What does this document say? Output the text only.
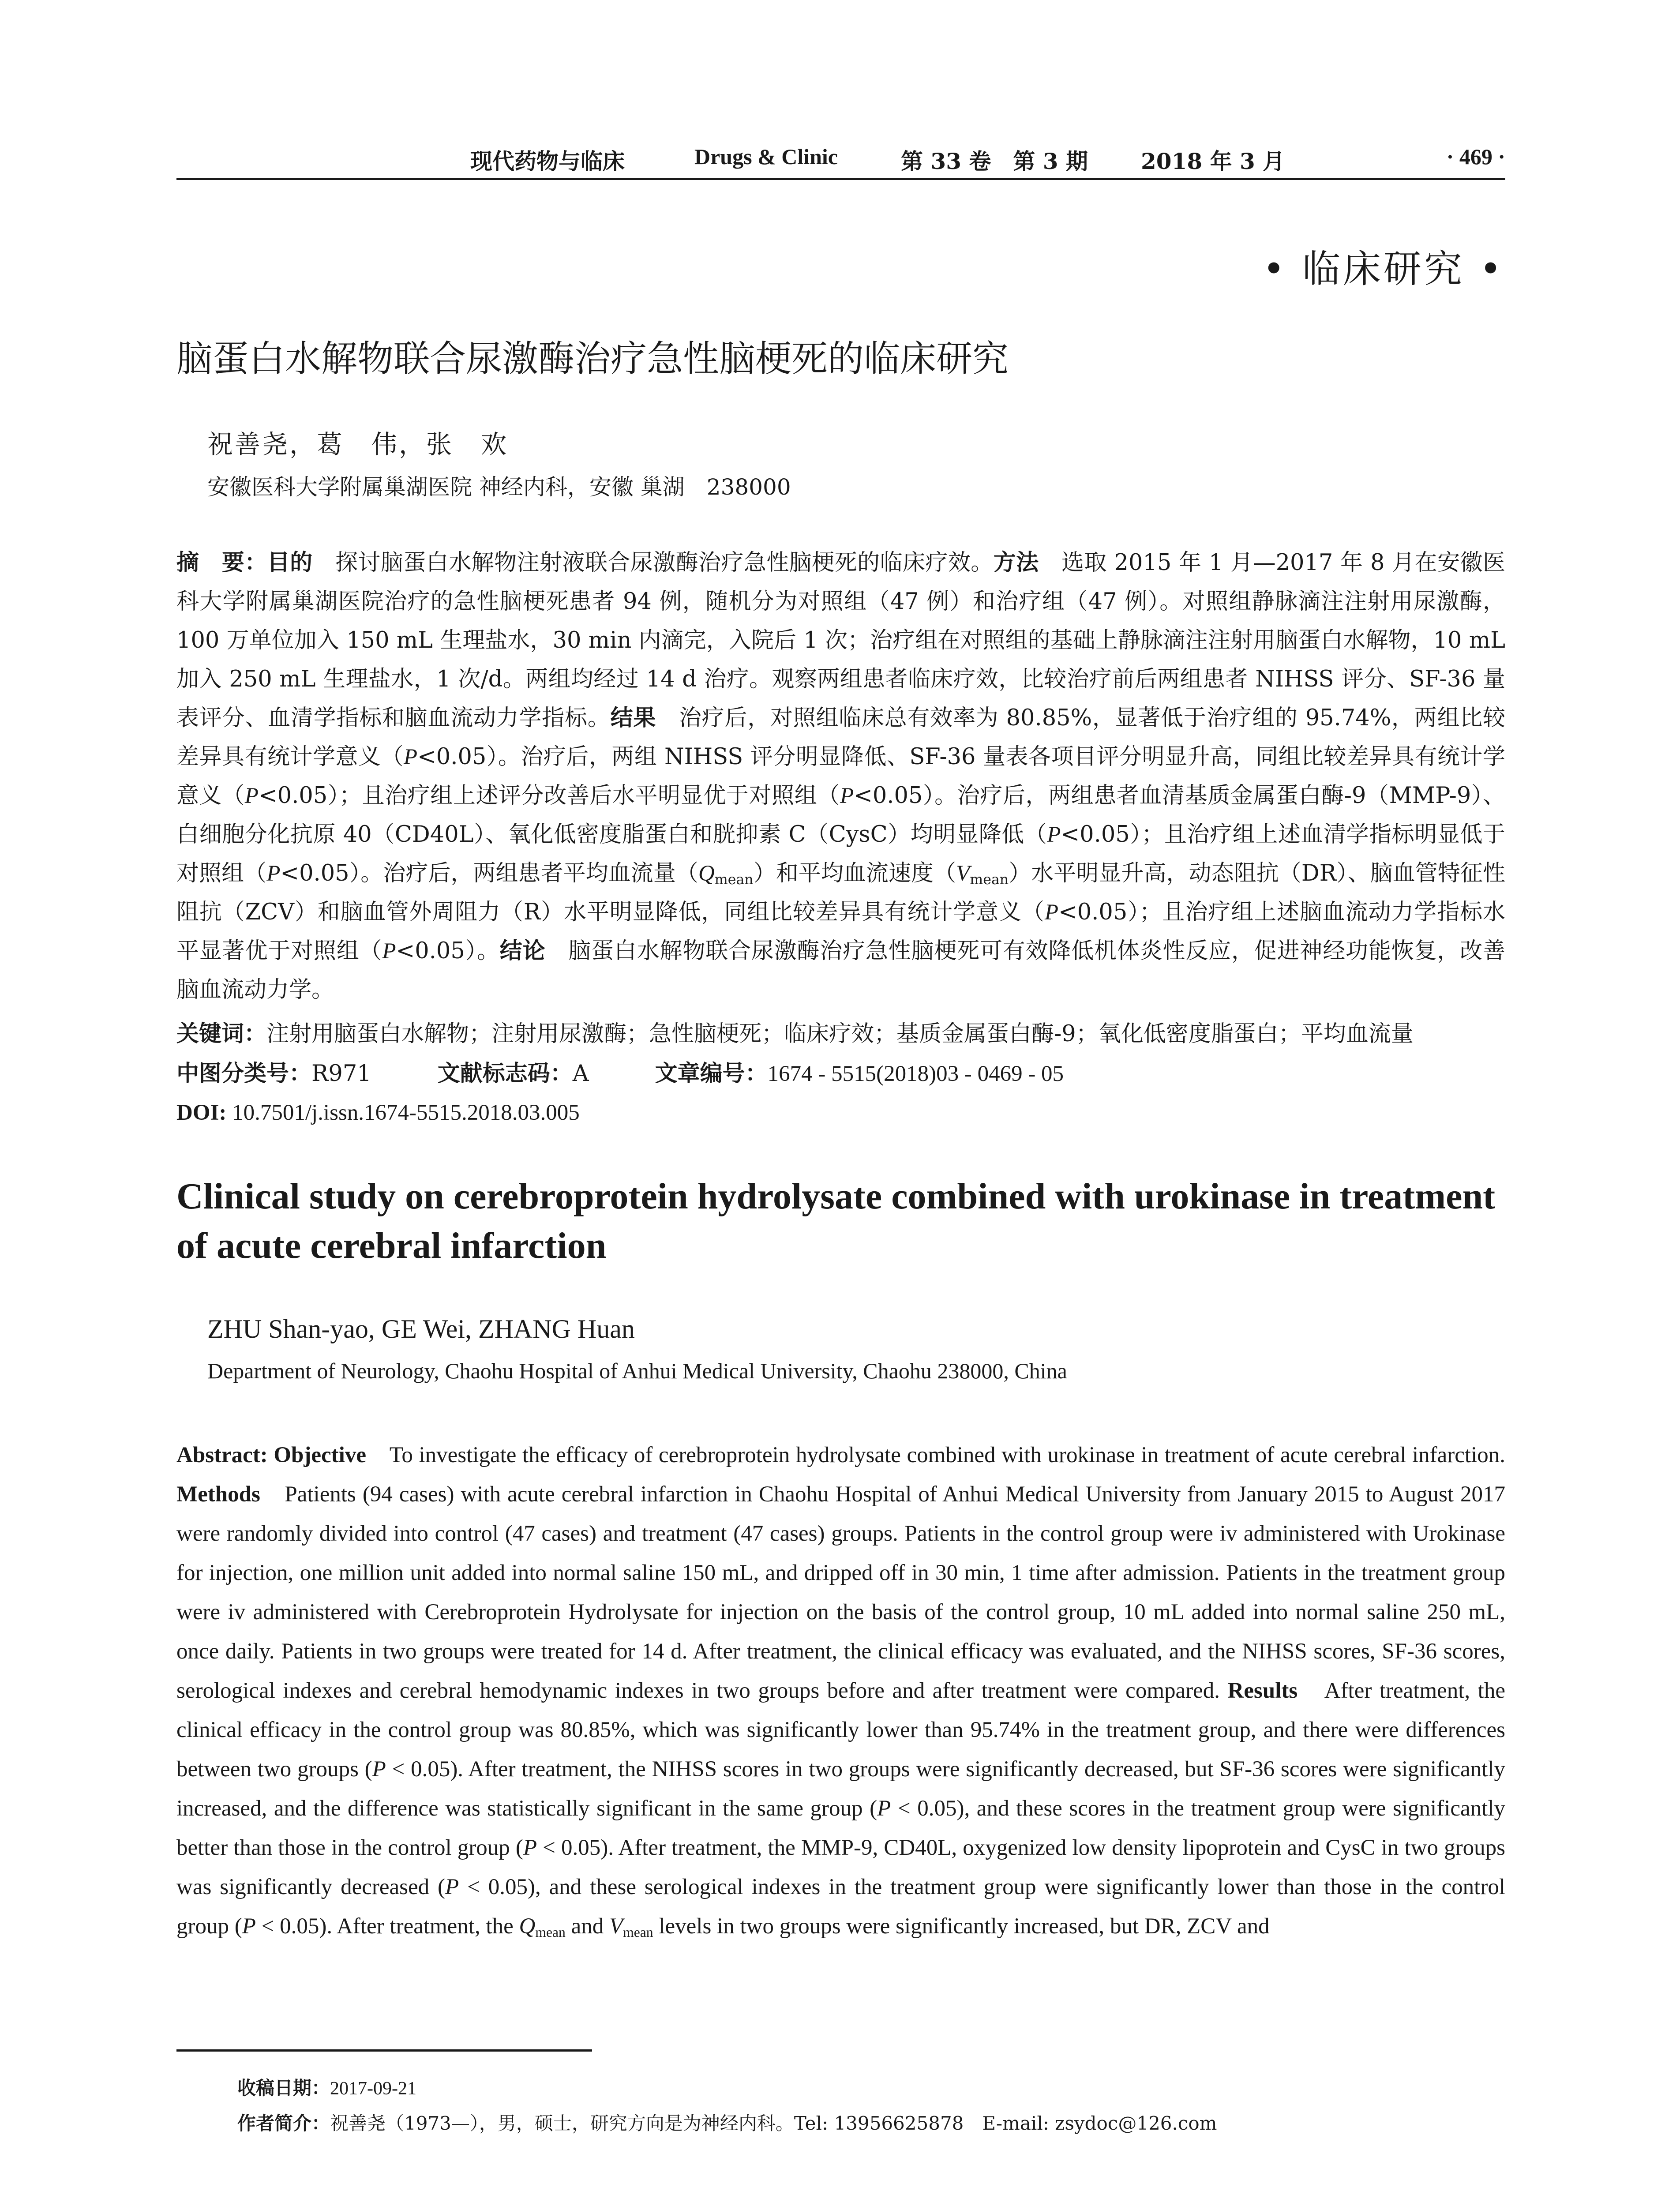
现代药物与临床	Drugs & Clinic	第 33 卷　第 3 期 2018 年 3 月	· 469 ·
• 临床研究 •
脑蛋白水解物联合尿激酶治疗急性脑梗死的临床研究
祝善尧，葛　伟，张　欢
安徽医科大学附属巢湖医院 神经内科，安徽 巢湖　238000

摘　要：目的　 探讨脑蛋白水解物注射液联合尿激酶治疗急性脑梗死的临床疗效。方法　 选取 2015 年 1 月—2017 年 8 月在安徽医科大学附属巢湖医院治疗的急性脑梗死患者 94 例，随机分为对照组（47 例）和治疗组（47 例）。对照组静脉滴注注射用尿激酶，100 万单位加入 150 mL 生理盐水，30 min 内滴完，入院后 1 次；治疗组在对照组的基础上静脉滴注注射用脑蛋白水解物，10 mL 加入 250 mL 生理盐水，1 次/d。两组均经过 14 d 治疗。观察两组患者临床疗效，比较治疗前后两组患者 NIHSS 评分、SF-36 量表评分、血清学指标和脑血流动力学指标。结果　 治疗后，对照组临床总有效率为 80.85%，显著低于治疗组的 95.74%，两组比较差异具有统计学意义（P<0.05）。治疗后，两组 NIHSS 评分明显降低、SF-36 量表各项目评分明显升高，同组比较差异具有统计学意义（P<0.05）；且治疗组上述评分改善后水平明显优于对照组（P<0.05）。治疗后，两组患者血清基质金属蛋白酶-9（MMP-9）、白细胞分化抗原 40（CD40L）、氧化低密度脂蛋白和胱抑素 C（CysC）均明显降低（P<0.05）；且治疗组上述血清学指标明显低于对照组（P<0.05）。治疗后，两组患者平均血流量$(Q_{mean})$和平均血流速度$(V_{mean})$水平明显升高，动态阻抗（DR）、脑血管特征性阻抗（ZCV）和脑血管外周阻力（R）水平明显降低，同组比较差异具有统计学意义（P<0.05）；且治疗组上述脑血流动力学指标水平显著优于对照组（P<0.05）。结论　 脑蛋白水解物联合尿激酶治疗急性脑梗死可有效降低机体炎性反应，促进神经功能恢复，改善脑血流动力学。

关键词：注射用脑蛋白水解物；注射用尿激酶；急性脑梗死；临床疗效；基质金属蛋白酶-9；氧化低密度脂蛋白；平均血流量

中图分类号：R971	文献标志码：A	文章编号：1674 - 5515(2018)03 - 0469 - 05
DOI: 10.7501/j.issn.1674-5515.2018.03.005
Clinical study on cerebroprotein hydrolysate combined with urokinase in treatment of acute cerebral infarction
ZHU Shan-yao, GE Wei, ZHANG Huan
Department of Neurology, Chaohu Hospital of Anhui Medical University, Chaohu 238000, China

Abstract: Objective　 To investigate the efficacy of cerebroprotein hydrolysate combined with urokinase in treatment of acute cerebral infarction. Methods　 Patients (94 cases) with acute cerebral infarction in Chaohu Hospital of Anhui Medical University from January 2015 to August 2017 were randomly divided into control (47 cases) and treatment (47 cases) groups. Patients in the control group were iv administered with Urokinase for injection, one million unit added into normal saline 150 mL, and dripped off in 30 min, 1 time after admission. Patients in the treatment group were iv administered with Cerebroprotein Hydrolysate for injection on the basis of the control group, 10 mL added into normal saline 250 mL, once daily. Patients in two groups were treated for 14 d. After treatment, the clinical efficacy was evaluated, and the NIHSS scores, SF-36 scores, serological indexes and cerebral hemodynamic indexes in two groups before and after treatment were compared. Results　 After treatment, the clinical efficacy in the control group was 80.85%, which was significantly lower than 95.74% in the treatment group, and there were differences between two groups (P < 0.05). After treatment, the NIHSS scores in two groups were significantly decreased, but SF-36 scores were significantly increased, and the difference was statistically significant in the same group (P < 0.05), and these scores in the treatment group were significantly better than those in the control group (P < 0.05). After treatment, the MMP-9, CD40L, oxygenized low density lipoprotein and CysC in two groups was significantly decreased (P < 0.05), and these serological indexes in the treatment group were significantly lower than those in the control group (P < 0.05). After treatment, the $Q_{mean}$ and $V_{mean}$ levels in two groups were significantly increased, but DR, ZCV and

收稿日期：2017-09-21
作者简介：祝善尧（1973—），男，硕士，研究方向是为神经内科。Tel: 13956625878　E-mail: zsydoc@126.com
